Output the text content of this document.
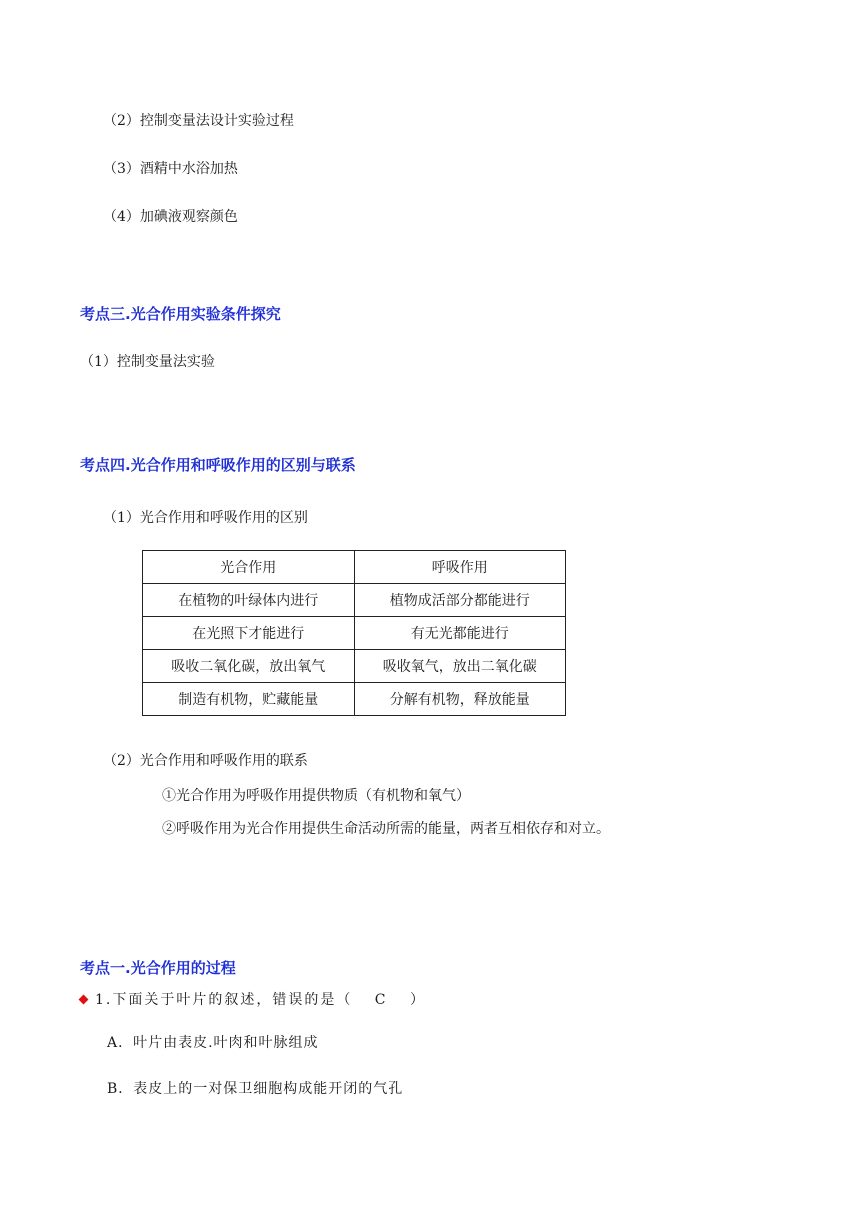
（2）控制变量法设计实验过程
（3）酒精中水浴加热
（4）加碘液观察颜色
考点三.光合作用实验条件探究
（1）控制变量法实验
考点四.光合作用和呼吸作用的区别与联系
（1）光合作用和呼吸作用的区别
光合作用	呼吸作用
在植物的叶绿体内进行	植物成活部分都能进行
在光照下才能进行	有无光都能进行
吸收二氧化碳，放出氧气	吸收氧气，放出二氧化碳
制造有机物，贮藏能量	分解有机物，释放能量
（2）光合作用和呼吸作用的联系
①光合作用为呼吸作用提供物质（有机物和氧气）
②呼吸作用为光合作用提供生命活动所需的能量，两者互相依存和对立。
考点一.光合作用的过程
1.下面关于叶片的叙述，错误的是（　 C　 ）
A．叶片由表皮.叶肉和叶脉组成
B．表皮上的一对保卫细胞构成能开闭的气孔
